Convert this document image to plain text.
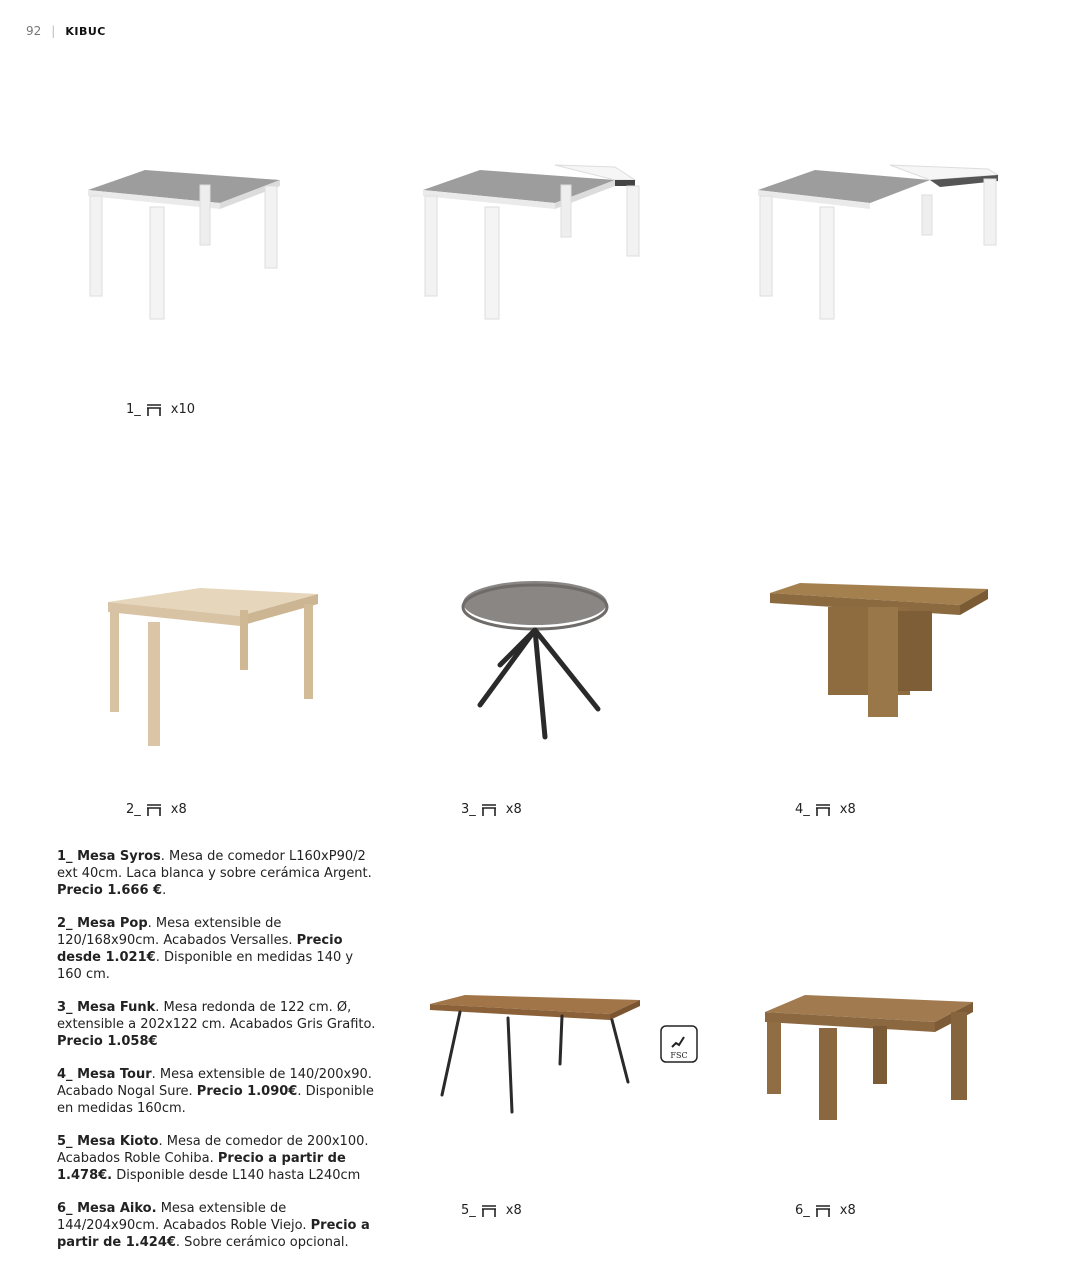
92 | KIBUC
FSC
1_ x10
2_ x8	3_ x8	4_ x8
5_ x8	6_ x8

1_ Mesa Syros. Mesa de comedor L160xP90/2 ext 40cm. Laca blanca y sobre cerámica Argent. Precio 1.666 €.

2_ Mesa Pop. Mesa extensible de 120/168x90cm. Acabados Versalles. Precio desde 1.021€. Disponible en medidas 140 y 160 cm.

3_ Mesa Funk. Mesa redonda de 122 cm. Ø, extensible a 202x122 cm. Acabados Gris Grafito. Precio 1.058€

4_ Mesa Tour. Mesa extensible de 140/200x90. Acabado Nogal Sure. Precio 1.090€. Disponible en medidas 160cm.

5_ Mesa Kioto. Mesa de comedor de 200x100. Acabados Roble Cohiba. Precio a partir de 1.478€. Disponible desde L140 hasta L240cm

6_ Mesa Aiko. Mesa extensible de 144/204x90cm. Acabados Roble Viejo. Precio a partir de 1.424€. Sobre cerámico opcional.
